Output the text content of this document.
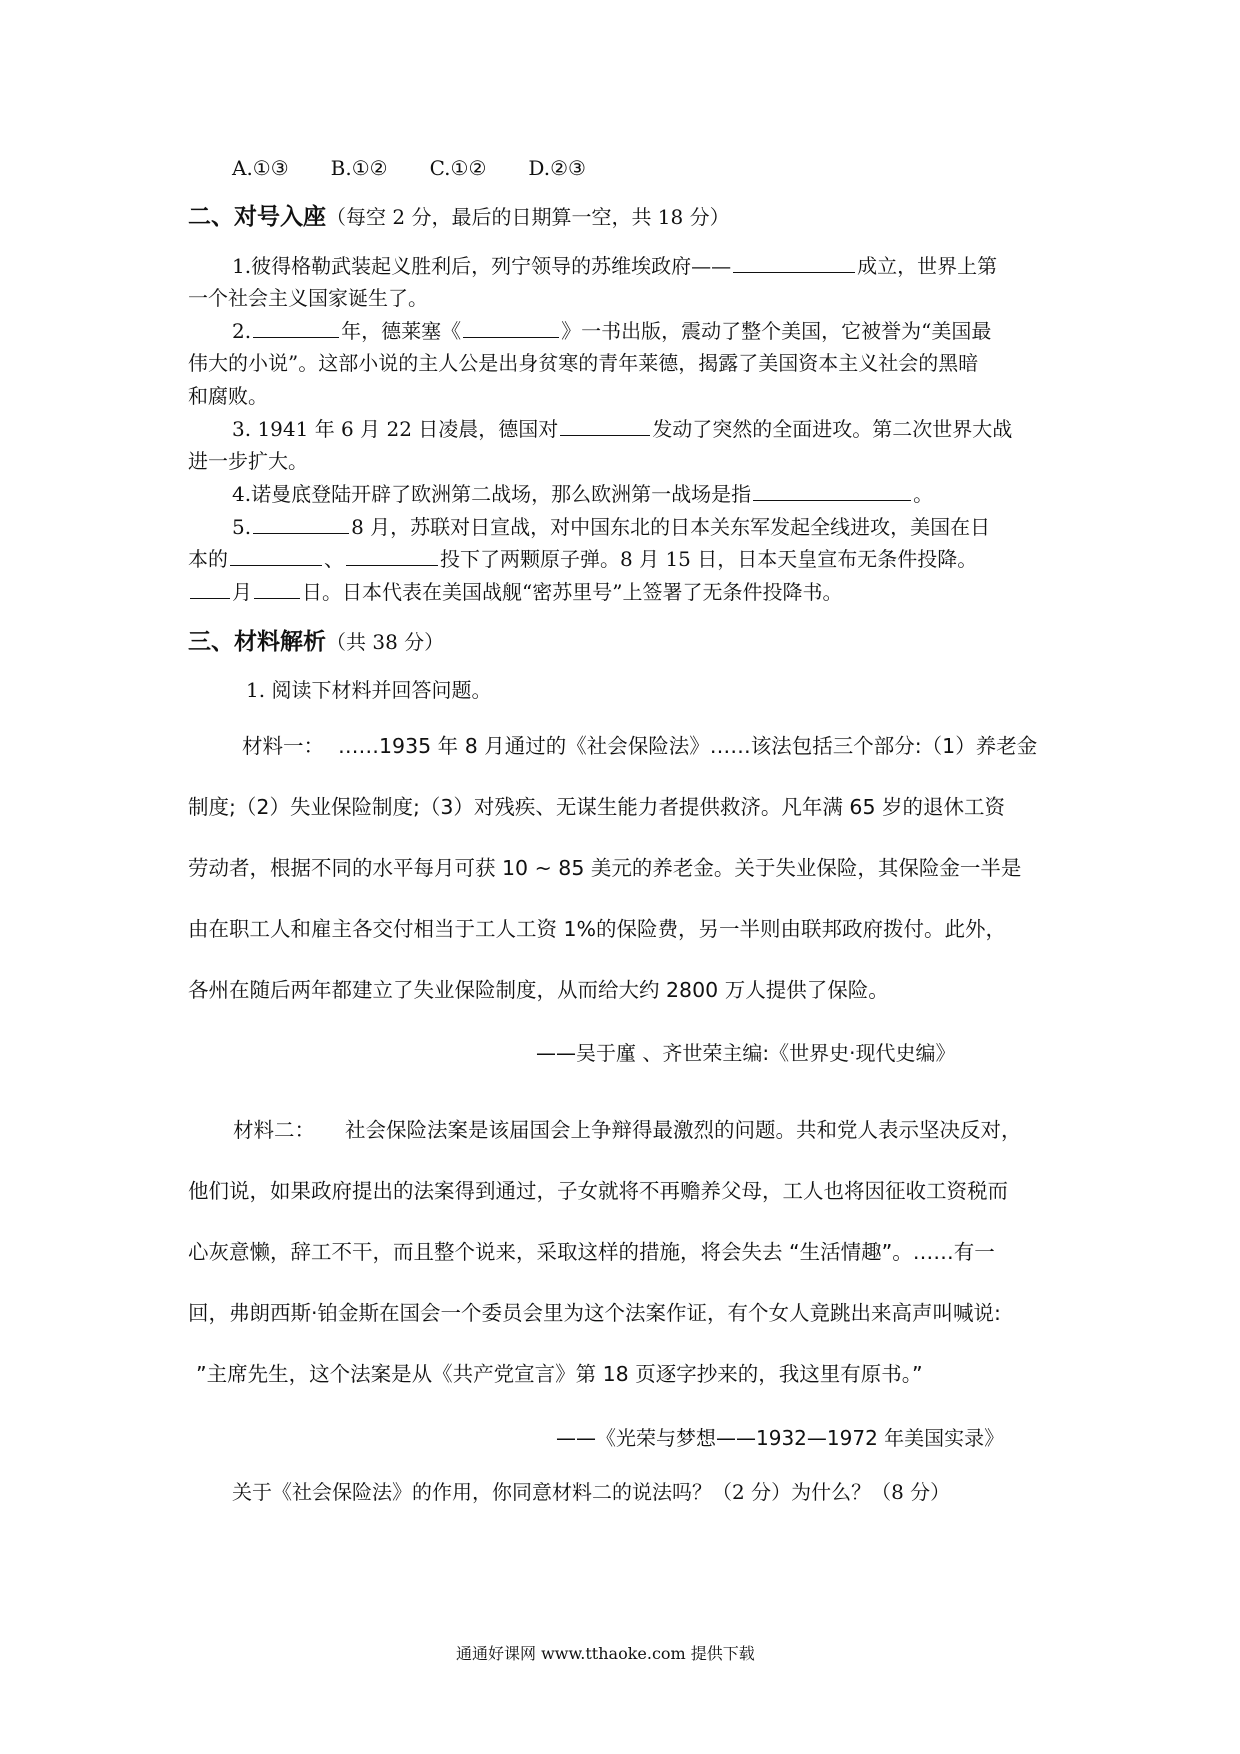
A.①③ B.①② C.①② D.②③
二、对号入座（每空 2 分，最后的日期算一空，共 18 分）
1.彼得格勒武装起义胜利后，列宁领导的苏维埃政府——	成立，世界上第
一个社会主义国家诞生了。
2.	年，德莱塞《	》一书出版，震动了整个美国，它被誉为“美国最
伟大的小说”。这部小说的主人公是出身贫寒的青年莱德，揭露了美国资本主义社会的黑暗
和腐败。
3. 1941 年 6 月 22 日凌晨，德国对	发动了突然的全面进攻。第二次世界大战
进一步扩大。
4.诺曼底登陆开辟了欧洲第二战场，那么欧洲第一战场是指	。
5.	8 月，苏联对日宣战，对中国东北的日本关东军发起全线进攻，美国在日
本的	、	投下了两颗原子弹。8 月 15 日，日本天皇宣布无条件投降。
月	日。日本代表在美国战舰“密苏里号”上签署了无条件投降书。
三、材料解析（共 38 分）
1. 阅读下材料并回答问题。
材料一： ……1935 年 8 月通过的《社会保险法》……该法包括三个部分:（1）养老金
制度;（2）失业保险制度;（3）对残疾、无谋生能力者提供救济。凡年满 65 岁的退休工资
劳动者，根据不同的水平每月可获 10 ~ 85 美元的养老金。关于失业保险，其保险金一半是
由在职工人和雇主各交付相当于工人工资 1%的保险费，另一半则由联邦政府拨付。此外，
各州在随后两年都建立了失业保险制度，从而给大约 2800 万人提供了保险。
——吴于廑 、齐世荣主编:《世界史·现代史编》
材料二： 社会保险法案是该届国会上争辩得最激烈的问题。共和党人表示坚决反对，
他们说，如果政府提出的法案得到通过，子女就将不再赡养父母，工人也将因征收工资税而
心灰意懒，辞工不干，而且整个说来，采取这样的措施，将会失去 “生活情趣”。……有一
回，弗朗西斯·铂金斯在国会一个委员会里为这个法案作证，有个女人竟跳出来高声叫喊说:
”主席先生，这个法案是从《共产党宣言》第 18 页逐字抄来的，我这里有原书。”
——《光荣与梦想——1932—1972 年美国实录》
关于《社会保险法》的作用，你同意材料二的说法吗？（2 分）为什么？（8 分）
通通好课网 www.tthaoke.com 提供下载
